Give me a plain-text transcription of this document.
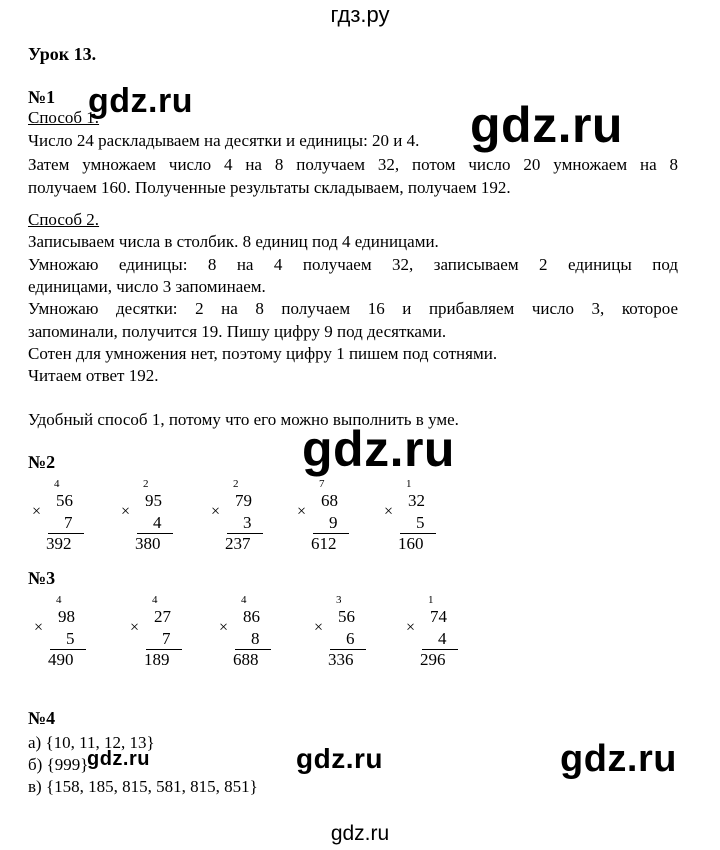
гдз.ру
gdz.ru
Урок 13.
№1
Способ 1.
Число 24 раскладываем на десятки и единицы: 20 и 4.
Затем умножаем число 4 на 8 получаем 32, потом число 20 умножаем на 8
получаем 160. Полученные результаты складываем, получаем 192.
Способ 2.
Записываем числа в столбик. 8 единиц под 4 единицами.
Умножаю единицы: 8 на 4 получаем 32, записываем 2 единицы под
единицами, число 3 запоминаем.
Умножаю десятки: 2 на 8 получаем 16 и прибавляем число 3, которое
запоминали, получится 19. Пишу цифру 9 под десятками.
Сотен для умножения нет, поэтому цифру 1 пишем под сотнями.
Читаем ответ 192.
Удобный способ 1, потому что его можно выполнить в уме.
№2
4
×
56
7
392
2
×
95
4
380
2
×
79
3
237
7
×
68
9
612
1
×
32
5
160
№3
4
×
98
5
490
4
×
27
7
189
4
×
86
8
688
3
×
56
6
336
1
×
74
4
296
№4
а) {10, 11, 12, 13}
б) {999}
в) {158, 185, 815, 581, 815, 851}
gdz.ru	gdz.ru
gdz.ru
gdz.ru	gdz.ru
gdz.ru
